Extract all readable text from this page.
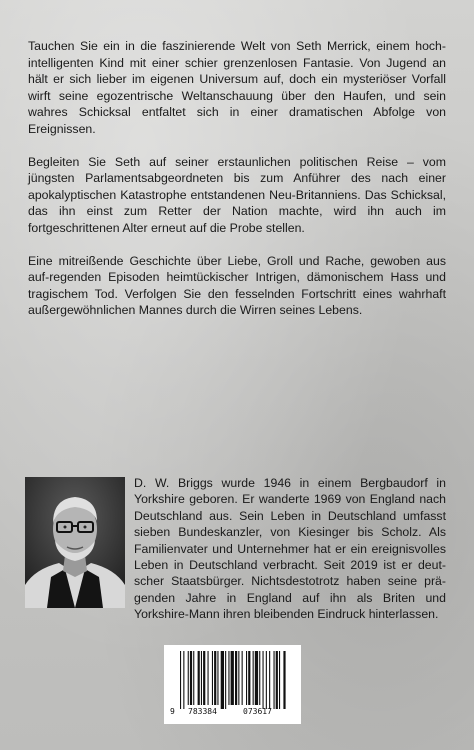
Tauchen Sie ein in die faszinierende Welt von Seth Merrick, einem hoch-intelligenten Kind mit einer schier grenzenlosen Fantasie. Von Jugend an hält er sich lieber im eigenen Universum auf, doch ein mysteriöser Vorfall wirft seine egozentrische Weltanschauung über den Haufen, und sein wahres Schicksal entfaltet sich in einer dramatischen Abfolge von Ereignissen.

Begleiten Sie Seth auf seiner erstaunlichen politischen Reise – vom jüngsten Parlamentsabgeordneten bis zum Anführer des nach einer apokalyptischen Katastrophe entstandenen Neu-Britanniens. Das Schicksal, das ihn einst zum Retter der Nation machte, wird ihn auch im fortgeschrittenen Alter erneut auf die Probe stellen.

Eine mitreißende Geschichte über Liebe, Groll und Rache, gewoben aus auf-regenden Episoden heimtückischer Intrigen, dämonischem Hass und tragischem Tod. Verfolgen Sie den fesselnden Fortschritt eines wahrhaft außergewöhnlichen Mannes durch die Wirren seines Lebens.

D. W. Briggs wurde 1946 in einem Bergbaudorf in Yorkshire geboren. Er wanderte 1969 von England nach Deutschland aus. Sein Leben in Deutschland umfasst sieben Bundeskanzler, von Kiesinger bis Scholz. Als Familienvater und Unternehmer hat er ein ereignisvolles Leben in Deutschland verbracht. Seit 2019 ist er deut-scher Staatsbürger. Nichtsdestotrotz haben seine prä-genden Jahre in England auf ihn als Briten und Yorkshire-Mann ihren bleibenden Eindruck hinterlassen.

9 783384	073617
